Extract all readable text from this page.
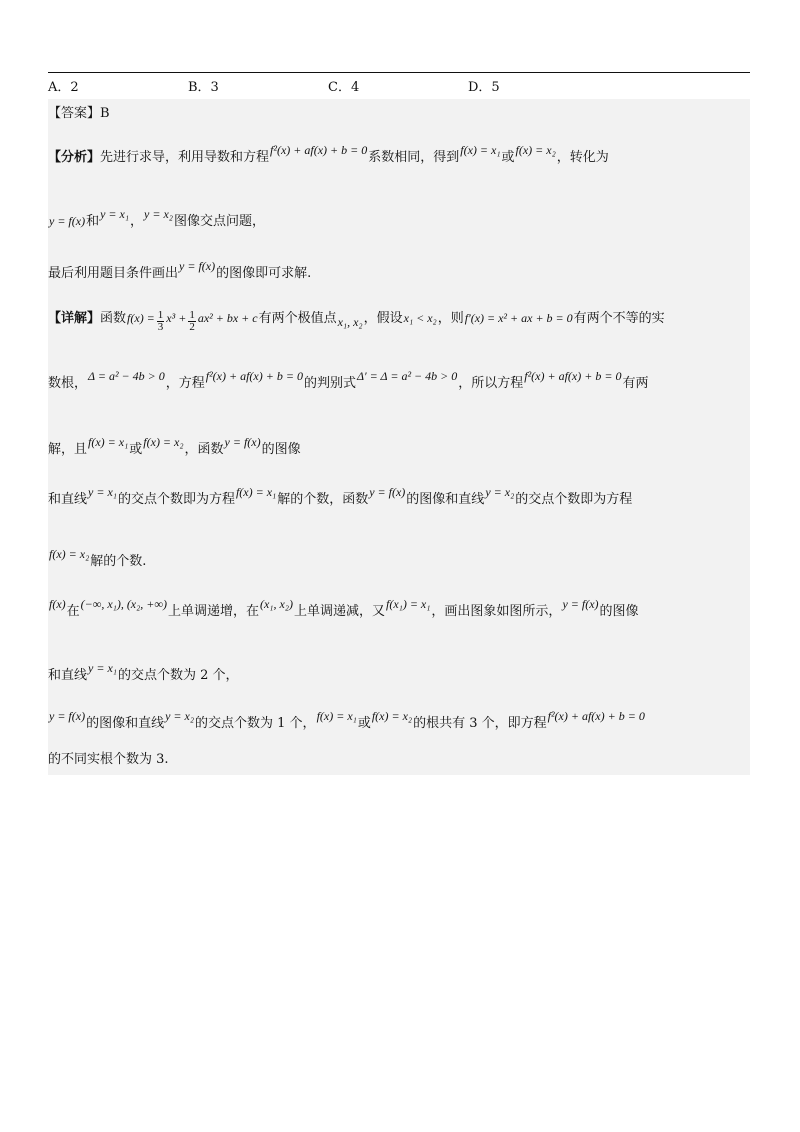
A．2	B．3	C．4	D．5
【答案】B
【分析】先进行求导，利用导数和方程f²(x) + af(x) + b = 0系数相同，得到f(x) = x₁或f(x) = x₂，转化为
y = f(x)和y = x₁，y = x₂图像交点问题，
最后利用题目条件画出y = f(x)的图像即可求解.
【详解】函数$f(x) = \frac{1}{3} x^3 + \frac{1}{2} ax^2$ + bx + c有两个极值点x₁, x₂，假设x₁ < x₂，则f′(x) = x² + ax + b = 0有两个不等的实
数根，Δ = a² − 4b > 0，方程f²(x) + af(x) + b = 0的判别式Δ′ = Δ = a² − 4b > 0，所以方程f²(x) + af(x) + b = 0有两
解，且f(x) = x₁或f(x) = x₂，函数y = f(x)的图像
和直线y = x₁的交点个数即为方程f(x) = x₁解的个数，函数y = f(x)的图像和直线y = x₂的交点个数即为方程
f(x) = x₂解的个数.
f(x)在(−∞, x₁), (x₂, +∞)上单调递增，在(x₁, x₂)上单调递减，又f(x₁) = x₁，画出图象如图所示，y = f(x)的图像
和直线y = x₁的交点个数为 2 个，
y = f(x)的图像和直线y = x₂的交点个数为 1 个，f(x) = x₁或f(x) = x₂的根共有 3 个，即方程f²(x) + af(x) + b = 0
的不同实根个数为 3.
